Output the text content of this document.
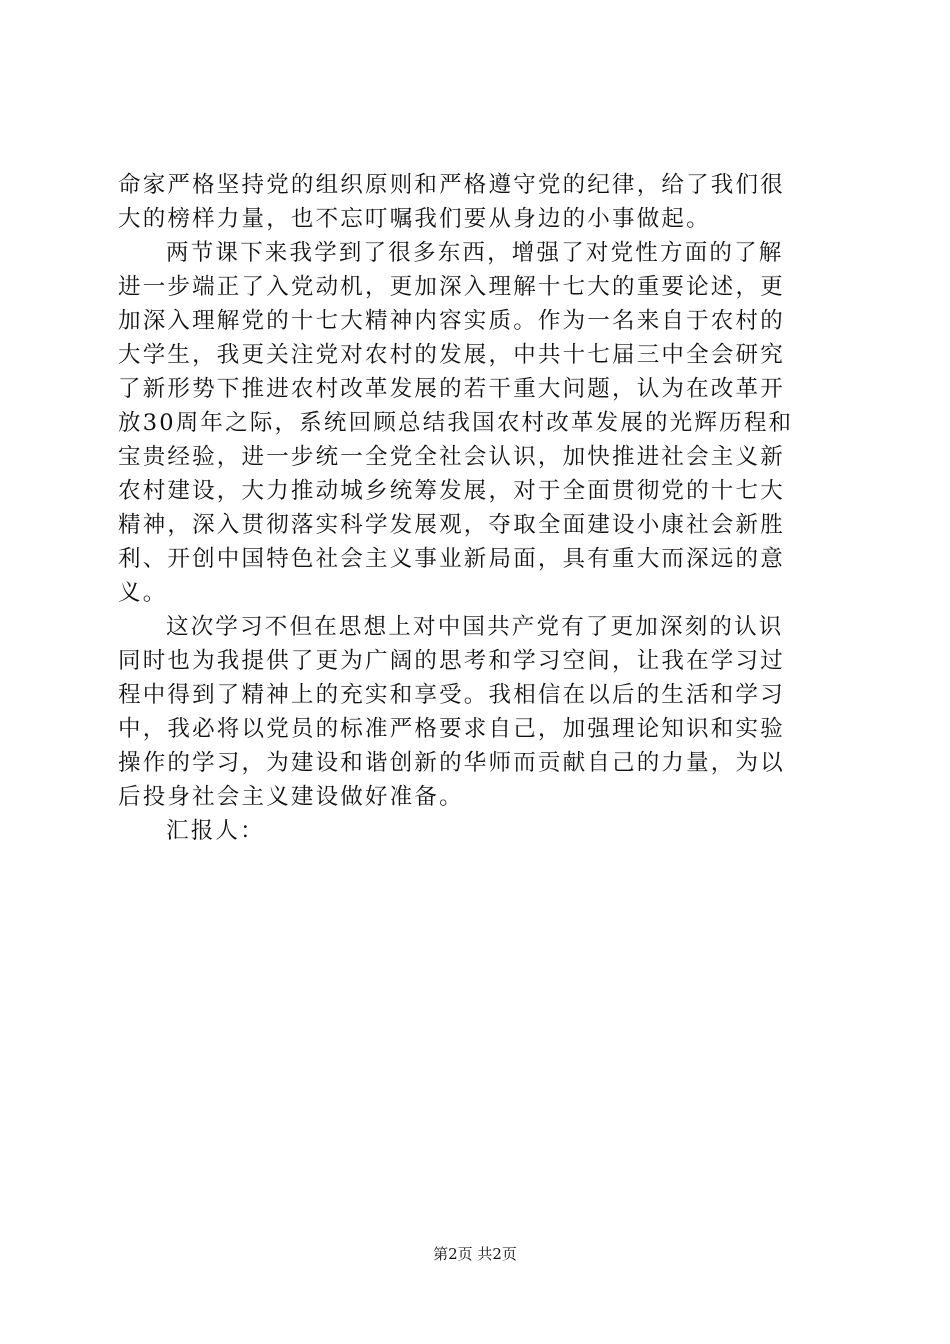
命家严格坚持党的组织原则和严格遵守党的纪律，给了我们很
大的榜样力量，也不忘叮嘱我们要从身边的小事做起。
两节课下来我学到了很多东西，增强了对党性方面的了解
进一步端正了入党动机，更加深入理解十七大的重要论述，更
加深入理解党的十七大精神内容实质。作为一名来自于农村的
大学生，我更关注党对农村的发展，中共十七届三中全会研究
了新形势下推进农村改革发展的若干重大问题，认为在改革开
放30周年之际，系统回顾总结我国农村改革发展的光辉历程和
宝贵经验，进一步统一全党全社会认识，加快推进社会主义新
农村建设，大力推动城乡统筹发展，对于全面贯彻党的十七大
精神，深入贯彻落实科学发展观，夺取全面建设小康社会新胜
利、开创中国特色社会主义事业新局面，具有重大而深远的意
义。
这次学习不但在思想上对中国共产党有了更加深刻的认识
同时也为我提供了更为广阔的思考和学习空间，让我在学习过
程中得到了精神上的充实和享受。我相信在以后的生活和学习
中，我必将以党员的标准严格要求自己，加强理论知识和实验
操作的学习，为建设和谐创新的华师而贡献自己的力量，为以
后投身社会主义建设做好准备。
汇报人：
第2页 共2页
